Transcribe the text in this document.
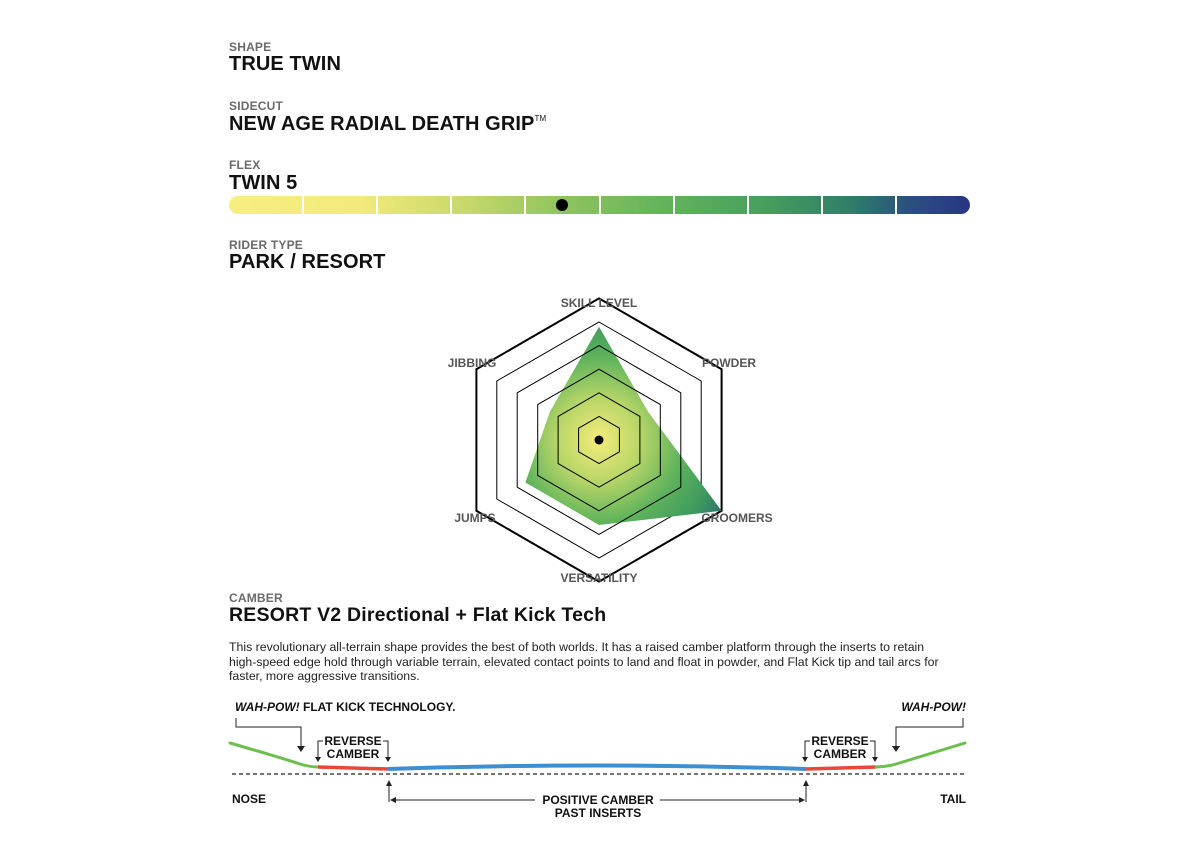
SHAPE
TRUE TWIN
SIDECUT
NEW AGE RADIAL DEATH GRIP™
FLEX
TWIN 5
RIDER TYPE
PARK / RESORT
SKILL LEVEL
POWDER
GROOMERS
VERSATILITY
JUMPS
JIBBING
CAMBER
RESORT V2 Directional + Flat Kick Tech
This revolutionary all-terrain shape provides the best of both worlds. It has a raised camber platform through the inserts to retain
high-speed edge hold through variable terrain, elevated contact points to land and float in powder, and Flat Kick tip and tail arcs for
faster, more aggressive transitions.
WAH-POW! FLAT KICK TECHNOLOGY.	WAH-POW!
REVERSE
CAMBER
REVERSE
CAMBER
NOSE	TAIL
POSITIVE CAMBER
PAST INSERTS
